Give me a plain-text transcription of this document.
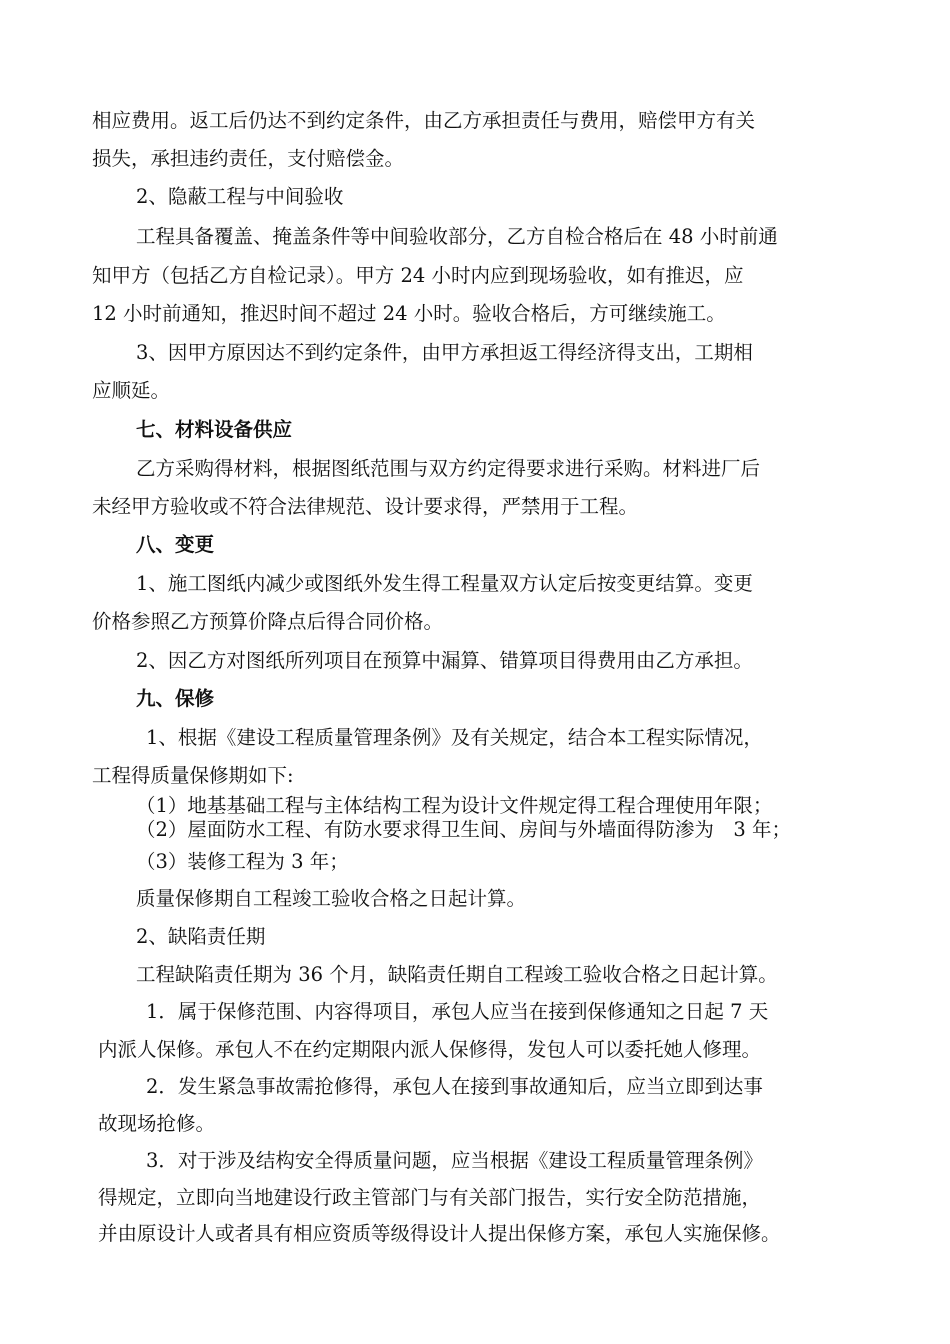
相应费用。返工后仍达不到约定条件，由乙方承担责任与费用，赔偿甲方有关
损失，承担违约责任，支付赔偿金。
2、隐蔽工程与中间验收
工程具备覆盖、掩盖条件等中间验收部分，乙方自检合格后在 48 小时前通
知甲方（包括乙方自检记录）。甲方 24 小时内应到现场验收，如有推迟，应
12 小时前通知，推迟时间不超过 24 小时。验收合格后，方可继续施工。
3、因甲方原因达不到约定条件，由甲方承担返工得经济得支出，工期相
应顺延。
七、材料设备供应
乙方采购得材料，根据图纸范围与双方约定得要求进行采购。材料进厂后
未经甲方验收或不符合法律规范、设计要求得，严禁用于工程。
八、变更
1、施工图纸内减少或图纸外发生得工程量双方认定后按变更结算。变更
价格参照乙方预算价降点后得合同价格。
2、因乙方对图纸所列项目在预算中漏算、错算项目得费用由乙方承担。
九、保修
1、根据《建设工程质量管理条例》及有关规定，结合本工程实际情况，
工程得质量保修期如下:
（1）地基基础工程与主体结构工程为设计文件规定得工程合理使用年限；
（2）屋面防水工程、有防水要求得卫生间、房间与外墙面得防渗为　3 年；
（3）装修工程为 3 年；
质量保修期自工程竣工验收合格之日起计算。
2、缺陷责任期
工程缺陷责任期为 36 个月，缺陷责任期自工程竣工验收合格之日起计算。
1．属于保修范围、内容得项目，承包人应当在接到保修通知之日起 7 天
内派人保修。承包人不在约定期限内派人保修得，发包人可以委托她人修理。
2．发生紧急事故需抢修得，承包人在接到事故通知后，应当立即到达事
故现场抢修。
3．对于涉及结构安全得质量问题，应当根据《建设工程质量管理条例》
得规定，立即向当地建设行政主管部门与有关部门报告，实行安全防范措施，
并由原设计人或者具有相应资质等级得设计人提出保修方案，承包人实施保修。
